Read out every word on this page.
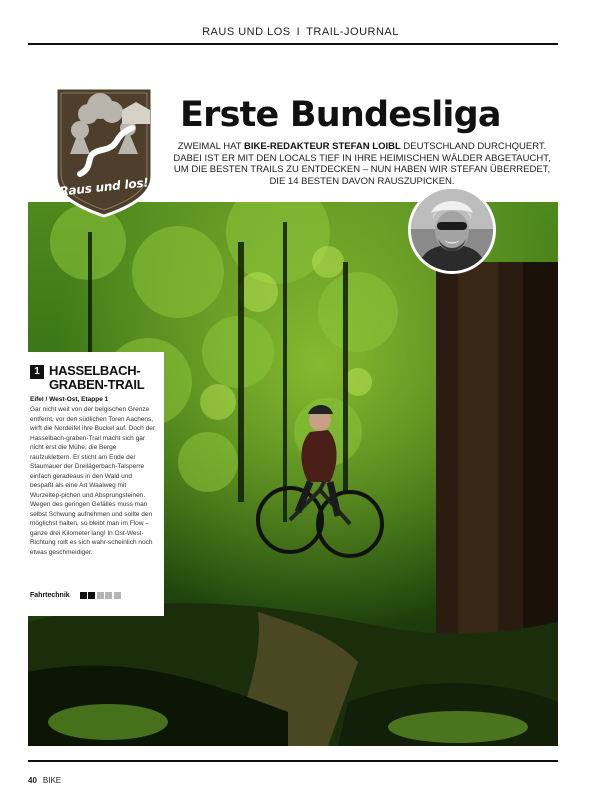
RAUS UND LOS I TRAIL-JOURNAL
Raus und los!
Erste Bundesliga
ZWEIMAL HAT BIKE-REDAKTEUR STEFAN LOIBL DEUTSCHLAND DURCHQUERT. DABEI IST ER MIT DEN LOCALS TIEF IN IHRE HEIMISCHEN WÄLDER ABGETAUCHT, UM DIE BESTEN TRAILS ZU ENTDECKEN – NUN HABEN WIR STEFAN ÜBERREDET, DIE 14 BESTEN DAVON RAUSZUPICKEN.
1 HASSELBACH-GRABEN-TRAIL
Eifel / West-Ost, Etappe 1
Gar nicht weit von der belgischen Grenze entfernt, vor den südlichen Toren Aachens, wirft die Nordeifel ihre Buckel auf. Doch der Hasselbach-graben-Trail macht sich gar nicht erst die Mühe, die Berge raufzuklettern. Er sticht am Ende der Staumauer der Dreilägerbach-Talsperre einfach geradeaus in den Wald und bespaßt als eine Art Waalweg mit Wurzeltep-pichen und Absprungsteinen. Wegen des geringen Gefälles muss man selbst Schwung aufnehmen und sollte den möglichst halten, so bleibt man im Flow – ganze drei Kilometer lang! In Ost-West-Richtung rollt es sich wahr-scheinlich noch etwas geschmeidiger.
Fahrtechnik
40 BIKE
